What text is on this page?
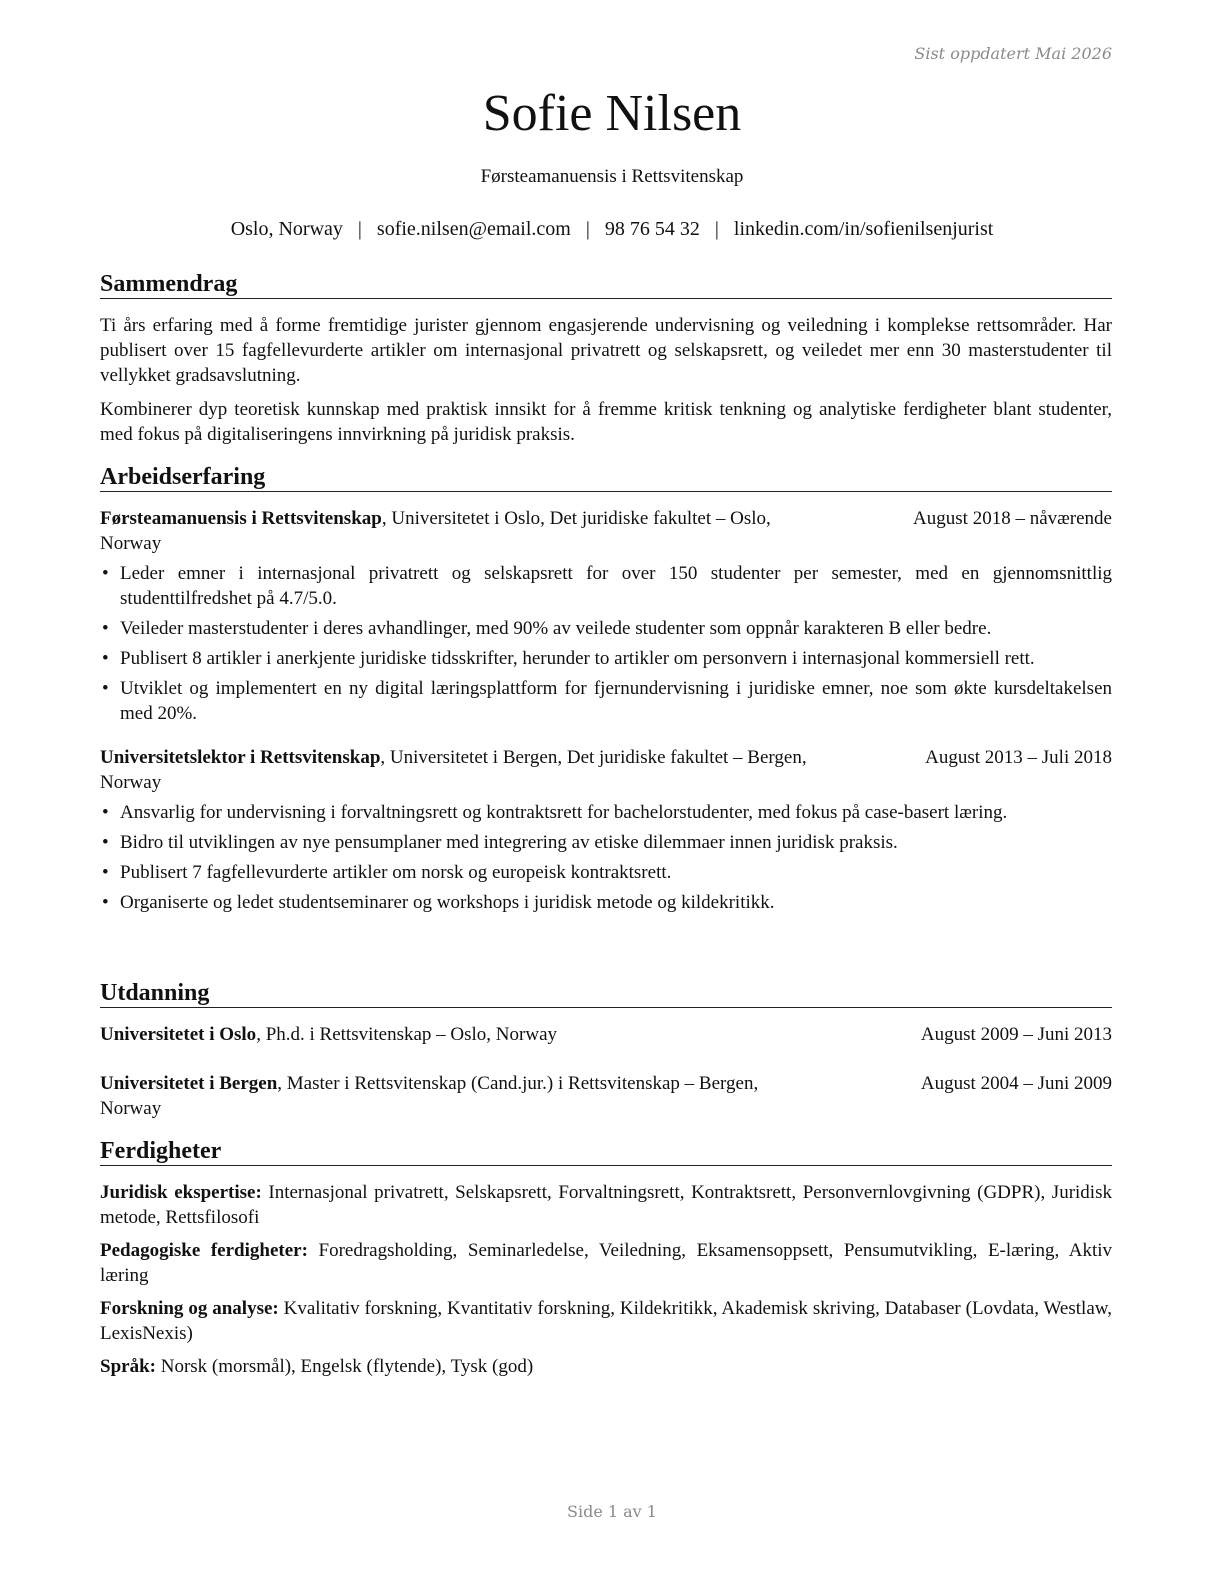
Sist oppdatert Mai 2026
Sofie Nilsen
Førsteamanuensis i Rettsvitenskap
Oslo, Norway | sofie.nilsen@email.com | 98 76 54 32 | linkedin.com/in/sofienilsenjurist
Sammendrag

Ti års erfaring med å forme fremtidige jurister gjennom engasjerende undervisning og veiledning i komplekse rettsområder. Har publisert over 15 fagfellevurderte artikler om internasjonal privatrett og selskapsrett, og veiledet mer enn 30 masterstudenter til vellykket gradsavslutning.

Kombinerer dyp teoretisk kunnskap med praktisk innsikt for å fremme kritisk tenkning og analytiske ferdigheter blant studenter, med fokus på digitaliseringens innvirkning på juridisk praksis.

Arbeidserfaring
Førsteamanuensis i Rettsvitenskap, Universitetet i Oslo, Det juridiske fakultet – Oslo,	August 2018 – nåværende
Norway
• Leder emner i internasjonal privatrett og selskapsrett for over 150 studenter per semester, med en gjennomsnittlig studenttilfredshet på 4.7/5.0.
• Veileder masterstudenter i deres avhandlinger, med 90% av veilede studenter som oppnår karakteren B eller bedre.
• Publisert 8 artikler i anerkjente juridiske tidsskrifter, herunder to artikler om personvern i internasjonal kommersiell rett.
• Utviklet og implementert en ny digital læringsplattform for fjernundervisning i juridiske emner, noe som økte kursdeltakelsen med 20%.
Universitetslektor i Rettsvitenskap, Universitetet i Bergen, Det juridiske fakultet – Bergen,	August 2013 – Juli 2018
Norway
• Ansvarlig for undervisning i forvaltningsrett og kontraktsrett for bachelorstudenter, med fokus på case-basert læring.
• Bidro til utviklingen av nye pensumplaner med integrering av etiske dilemmaer innen juridisk praksis.
• Publisert 7 fagfellevurderte artikler om norsk og europeisk kontraktsrett.
• Organiserte og ledet studentseminarer og workshops i juridisk metode og kildekritikk.
Utdanning
Universitetet i Oslo, Ph.d. i Rettsvitenskap – Oslo, Norway	August 2009 – Juni 2013
Universitetet i Bergen, Master i Rettsvitenskap (Cand.jur.) i Rettsvitenskap – Bergen,	August 2004 – Juni 2009
Norway
Ferdigheter

Juridisk ekspertise: Internasjonal privatrett, Selskapsrett, Forvaltningsrett, Kontraktsrett, Personvernlovgivning (GDPR), Juridisk metode, Rettsfilosofi

Pedagogiske ferdigheter: Foredragsholding, Seminarledelse, Veiledning, Eksamensoppsett, Pensumutvikling, E-læring, Aktiv læring

Forskning og analyse: Kvalitativ forskning, Kvantitativ forskning, Kildekritikk, Akademisk skriving, Databaser (Lovdata, Westlaw, LexisNexis)

Språk: Norsk (morsmål), Engelsk (flytende), Tysk (god)

Side 1 av 1
